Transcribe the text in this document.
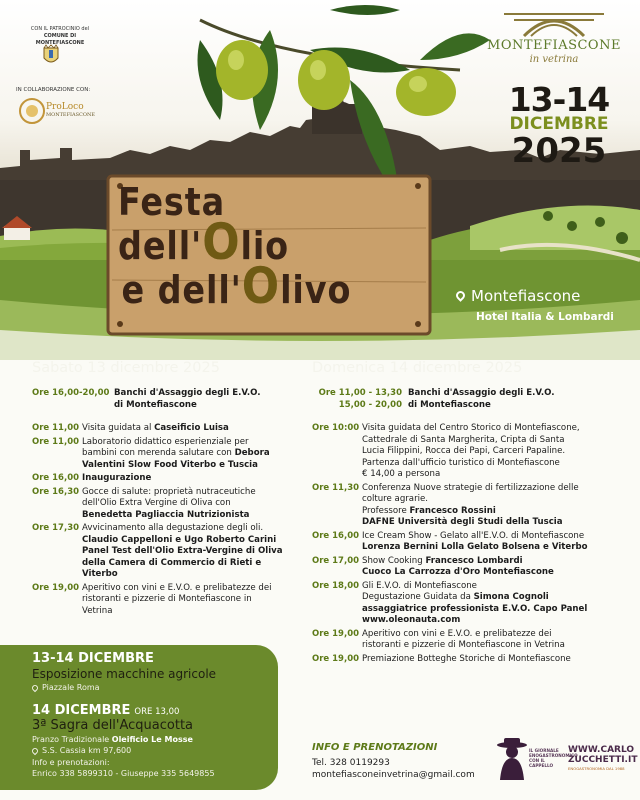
CON IL PATROCINIO del
COMUNE DI MONTEFIASCONE
IN COLLABORAZIONE CON:
ProLoco
MONTEFIASCONE
MONTEFIASCONE
in vetrina
13-14
DICEMBRE
2025
Festa dell'Olio
e dell'Olivo	Montefiascone
Hotel Italia & Lombardi
Sabato 13 dicembre 2025	Domenica 14 dicembre 2025
Ore 16,00-20,00 Banchi d'Assaggio degli E.V.O.
di Montefiascone
Ore 11,00 Visita guidata al Caseificio Luisa
Ore 11,00 Laboratorio didattico esperienziale per
bambini con merenda salutare con Debora
Valentini Slow Food Viterbo e Tuscia
Ore 16,00 Inaugurazione
Ore 16,30 Gocce di salute: proprietà nutraceutiche
dell'Olio Extra Vergine di Oliva con
Benedetta Pagliaccia Nutrizionista
Ore 17,30 Avvicinamento alla degustazione degli oli.
Claudio Cappelloni e Ugo Roberto Carini
Panel Test dell'Olio Extra-Vergine di Oliva
della Camera di Commercio di Rieti e
Viterbo
Ore 19,00 Aperitivo con vini e E.V.O. e prelibatezze dei
ristoranti e pizzerie di Montefiascone in
Vetrina
Ore 11,00 - 13,30
15,00 - 20,00
Banchi d'Assaggio degli E.V.O.
di Montefiascone
Ore 10:00 Visita guidata del Centro Storico di Montefiascone,
Cattedrale di Santa Margherita, Cripta di Santa
Lucia Filippini, Rocca dei Papi, Carceri Papaline.
Partenza dall'ufficio turistico di Montefiascone
€ 14,00 a persona
Ore 11,30 Conferenza Nuove strategie di fertilizzazione delle
colture agrarie.
Professore Francesco Rossini
DAFNE Università degli Studi della Tuscia
Ore 16,00 Ice Cream Show - Gelato all'E.V.O. di Montefiascone
Lorenza Bernini Lolla Gelato Bolsena e Viterbo
Ore 17,00 Show Cooking Francesco Lombardi
Cuoco La Carrozza d'Oro Montefiascone
Ore 18,00 Gli E.V.O. di Montefiascone
Degustazione Guidata da Simona Cognoli
assaggiatrice professionista E.V.O. Capo Panel
www.oleonauta.com
Ore 19,00 Aperitivo con vini e E.V.O. e prelibatezze dei
ristoranti e pizzerie di Montefiascone in Vetrina
Ore 19,00 Premiazione Botteghe Storiche di Montefiascone
13-14 DICEMBRE
Esposizione macchine agricole
Piazzale Roma
14 DICEMBRE ORE 13,00
3ª Sagra dell'Acquacotta
Pranzo Tradizionale Oleificio Le Mosse
S.S. Cassia km 97,600
Info e prenotazioni:
Enrico 338 5899310 - Giuseppe 335 5649855
INFO E PRENOTAZIONI
Tel. 328 0119293
montefiasconeinvetrina@gmail.com
IL GIORNALE ENOGASTRONOMICO CON IL CAPPELLO
WWW.CARLO
ZUCCHETTI.IT
ENOGASTRONOMIA DAL 1988
